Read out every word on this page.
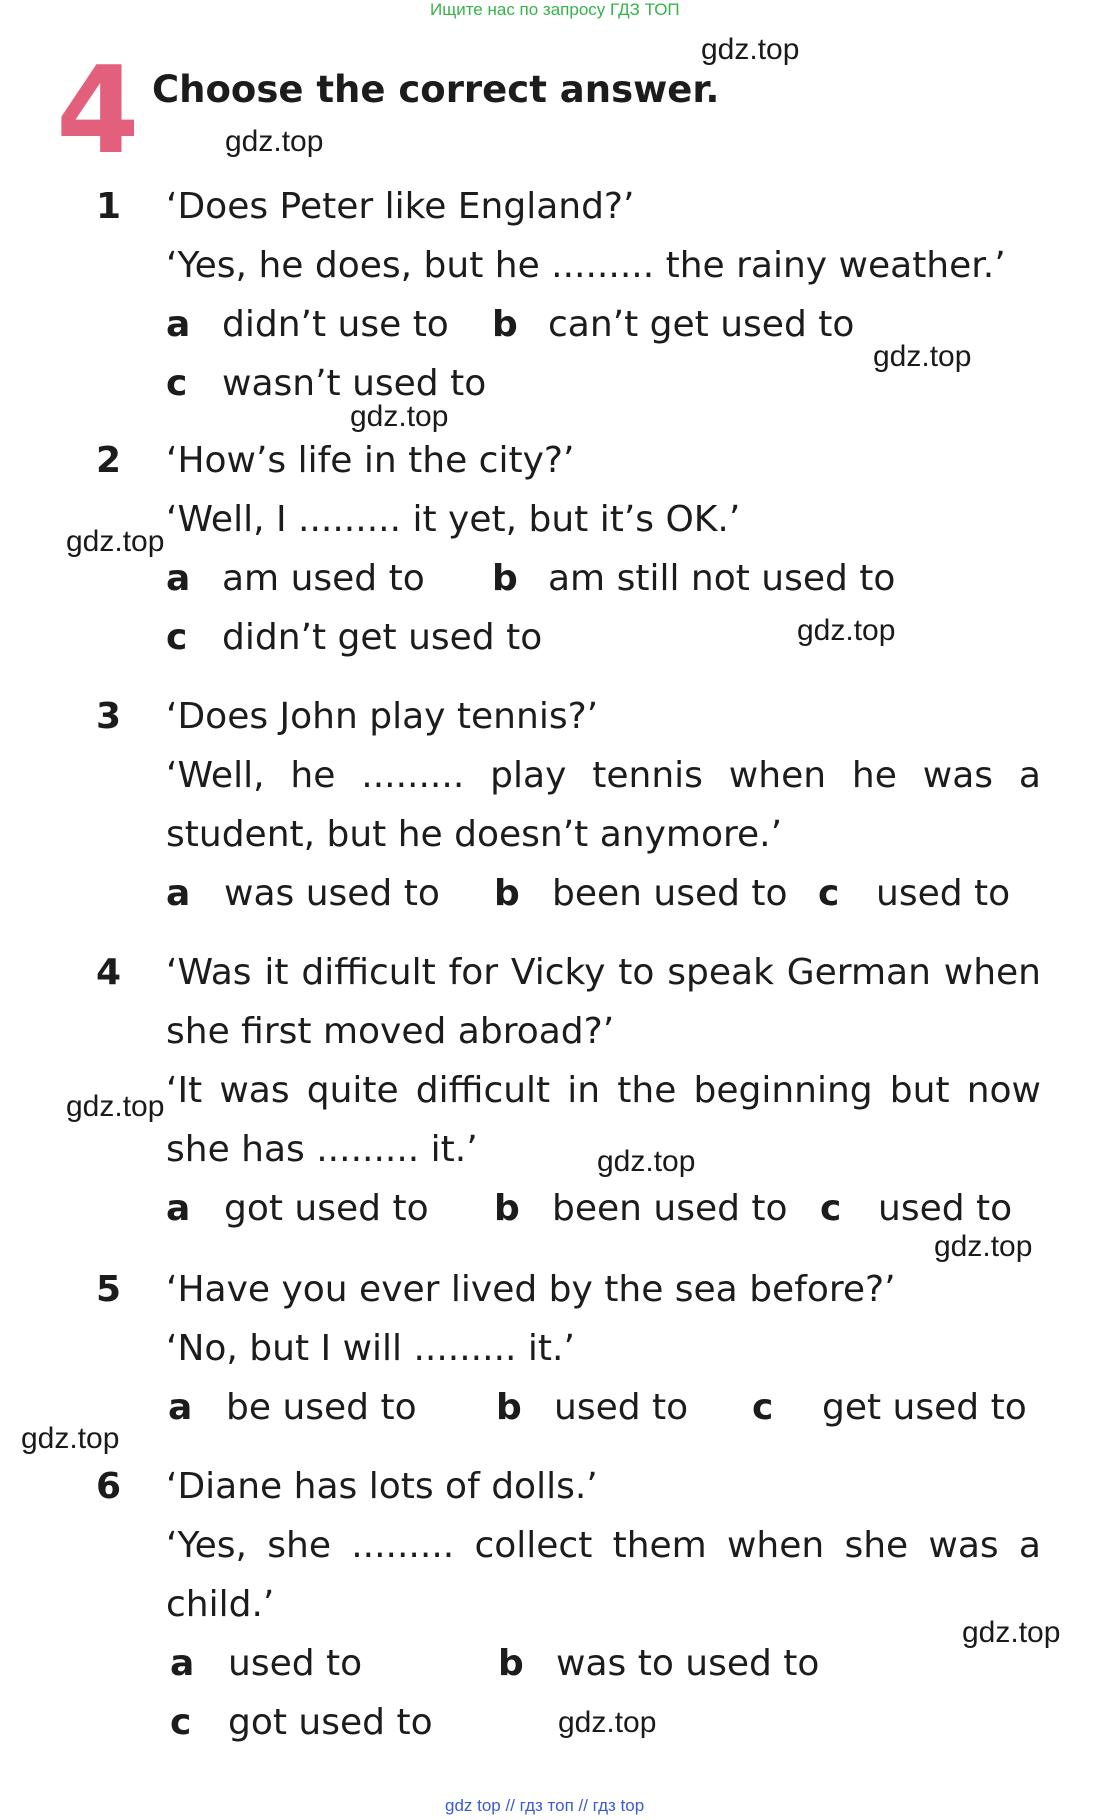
Ищите нас по запросу ГДЗ ТОП
4 Choose the correct answer.
1 ‘Does Peter like England?’
‘Yes, he does, but he ......... the rainy weather.’
a didn’t use to b can’t get used to
c wasn’t used to
2 ‘How’s life in the city?’
‘Well, I ......... it yet, but it’s OK.’
a am used to b am still not used to
c didn’t get used to
3 ‘Does John play tennis?’
‘Well, he ......... play tennis when he was a
student, but he doesn’t anymore.’
a was used to b been used to c used to
4 ‘Was it difficult for Vicky to speak German when
she first moved abroad?’
‘It was quite difficult in the beginning but now
she has ......... it.’
a got used to b been used to c used to
5 ‘Have you ever lived by the sea before?’
‘No, but I will ......... it.’
a be used to b used to c get used to
6 ‘Diane has lots of dolls.’
‘Yes, she ......... collect them when she was a
child.’
a used to	b was to used to
c got used to
gdz.top
gdz.top
gdz.top
gdz.top
gdz.top
gdz.top
gdz.top
gdz.top
gdz.top
gdz.top
gdz.top
gdz.top
gdz top // гдз топ // гдз top
